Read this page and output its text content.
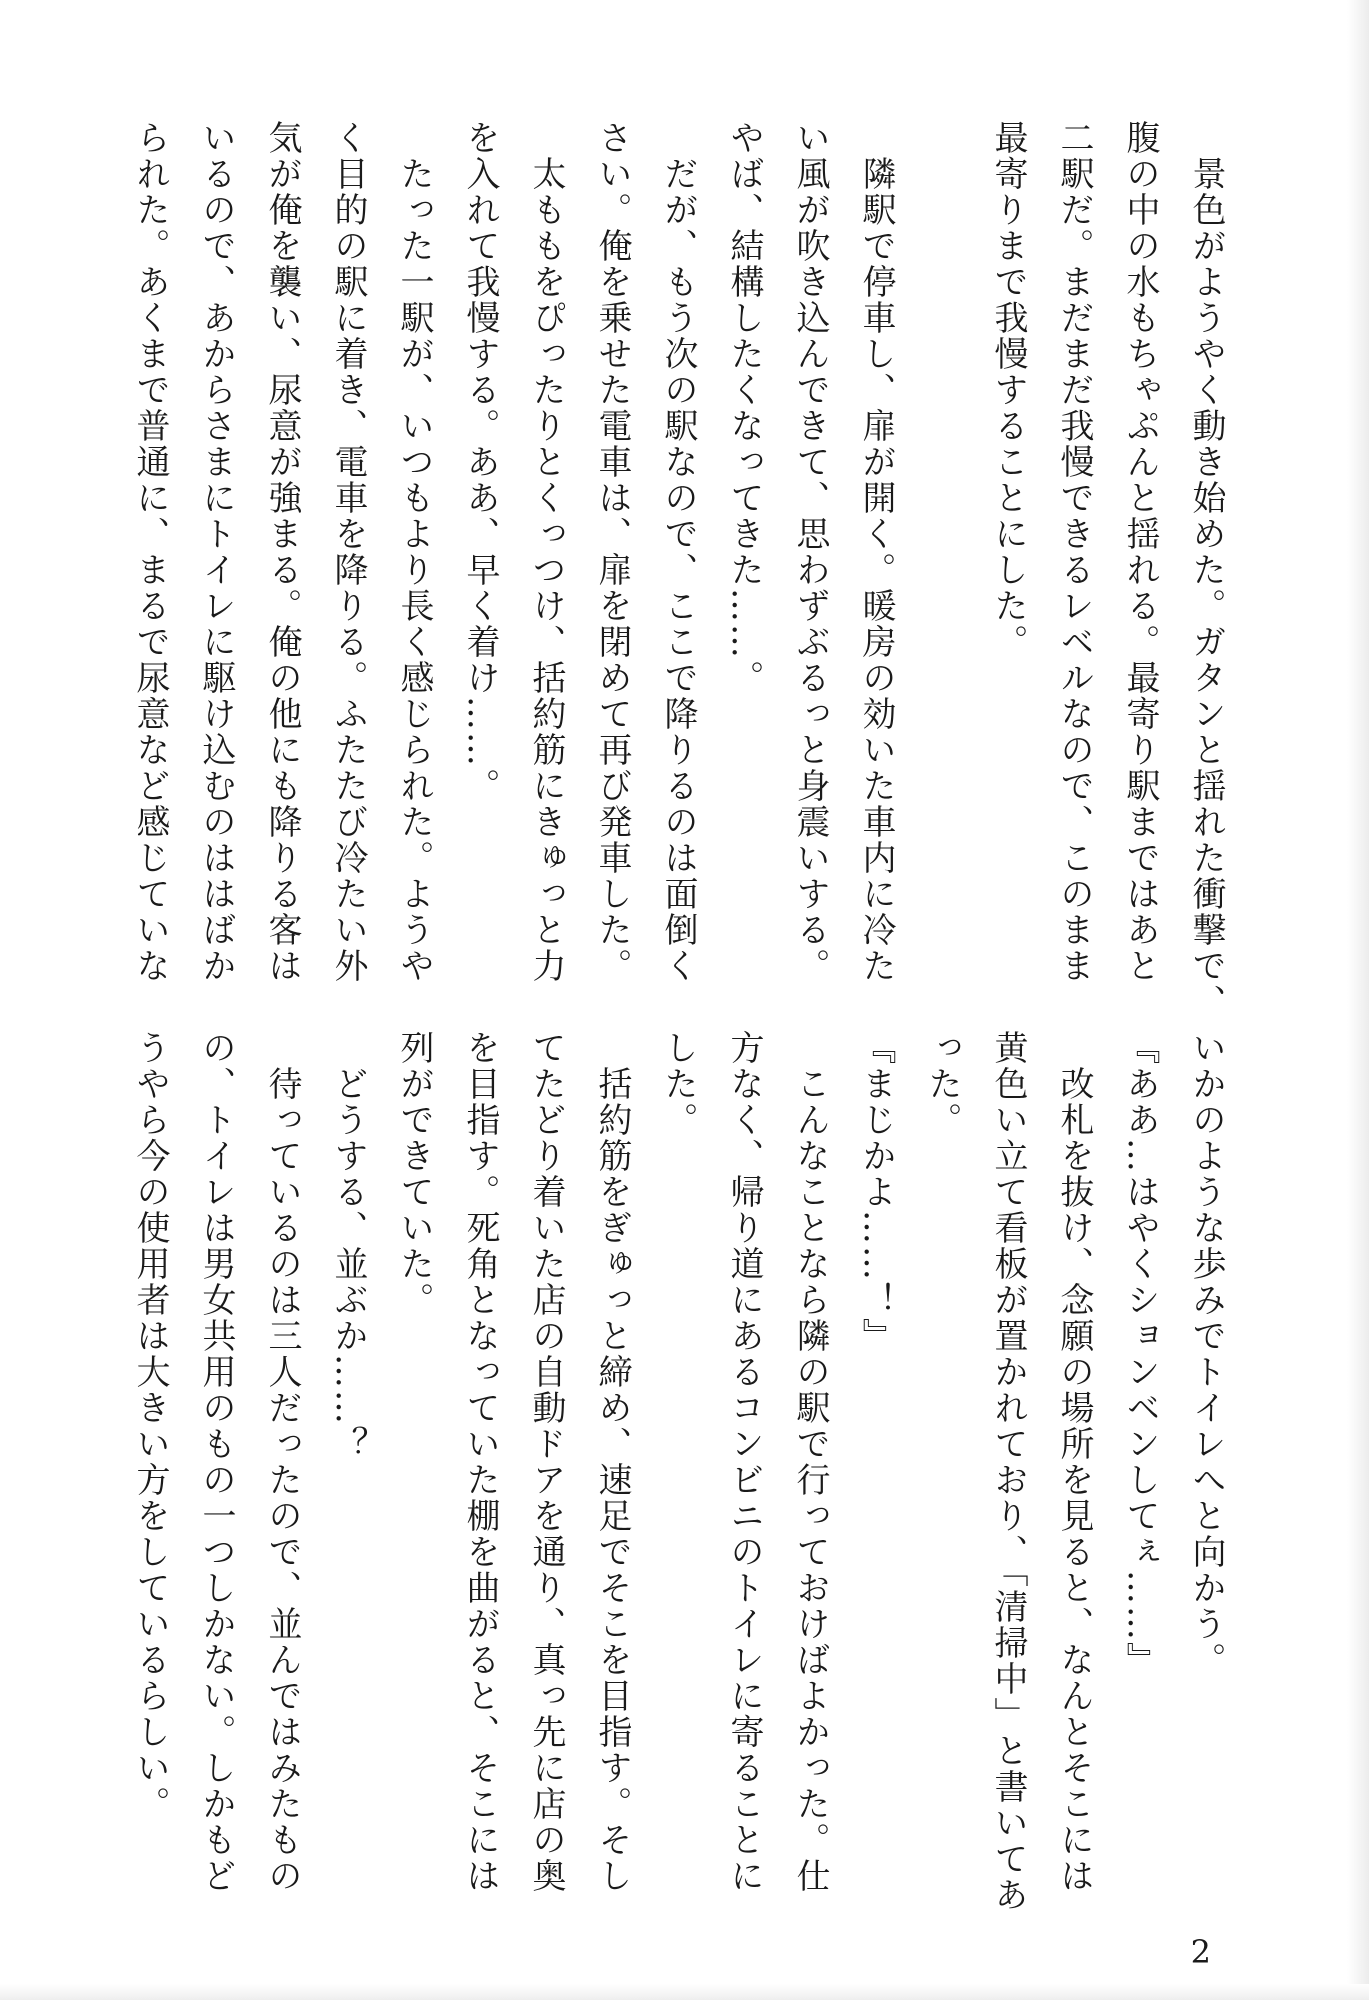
　景色がようやく動き始めた。ガタンと揺れた衝撃で、
腹の中の水もちゃぷんと揺れる。最寄り駅まではあと
二駅だ。まだまだ我慢できるレベルなので、このまま
最寄りまで我慢することにした。

　隣駅で停車し、扉が開く。暖房の効いた車内に冷た
い風が吹き込んできて、思わずぶるっと身震いする。
やば、結構したくなってきた……。
　だが、もう次の駅なので、ここで降りるのは面倒く
さい。俺を乗せた電車は、扉を閉めて再び発車した。
　太ももをぴったりとくっつけ、括約筋にきゅっと力
を入れて我慢する。ああ、早く着け……。
　たった一駅が、いつもより長く感じられた。ようや
く目的の駅に着き、電車を降りる。ふたたび冷たい外
気が俺を襲い、尿意が強まる。俺の他にも降りる客は
いるので、あからさまにトイレに駆け込むのははばか
られた。あくまで普通に、まるで尿意など感じていな
いかのような歩みでトイレへと向かう。
『ああ…はやくションベンしてぇ……』
　改札を抜け、念願の場所を見ると、なんとそこには
黄色い立て看板が置かれており、「清掃中」と書いてあ
った。
『まじかよ……！』
　こんなことなら隣の駅で行っておけばよかった。仕
方なく、帰り道にあるコンビニのトイレに寄ることに
した。
　括約筋をぎゅっと締め、速足でそこを目指す。そし
てたどり着いた店の自動ドアを通り、真っ先に店の奥
を目指す。死角となっていた棚を曲がると、そこには
列ができていた。
　どうする、並ぶか……？
　待っているのは三人だったので、並んではみたもの
の、トイレは男女共用のもの一つしかない。しかもど
うやら今の使用者は大きい方をしているらしい。
2
